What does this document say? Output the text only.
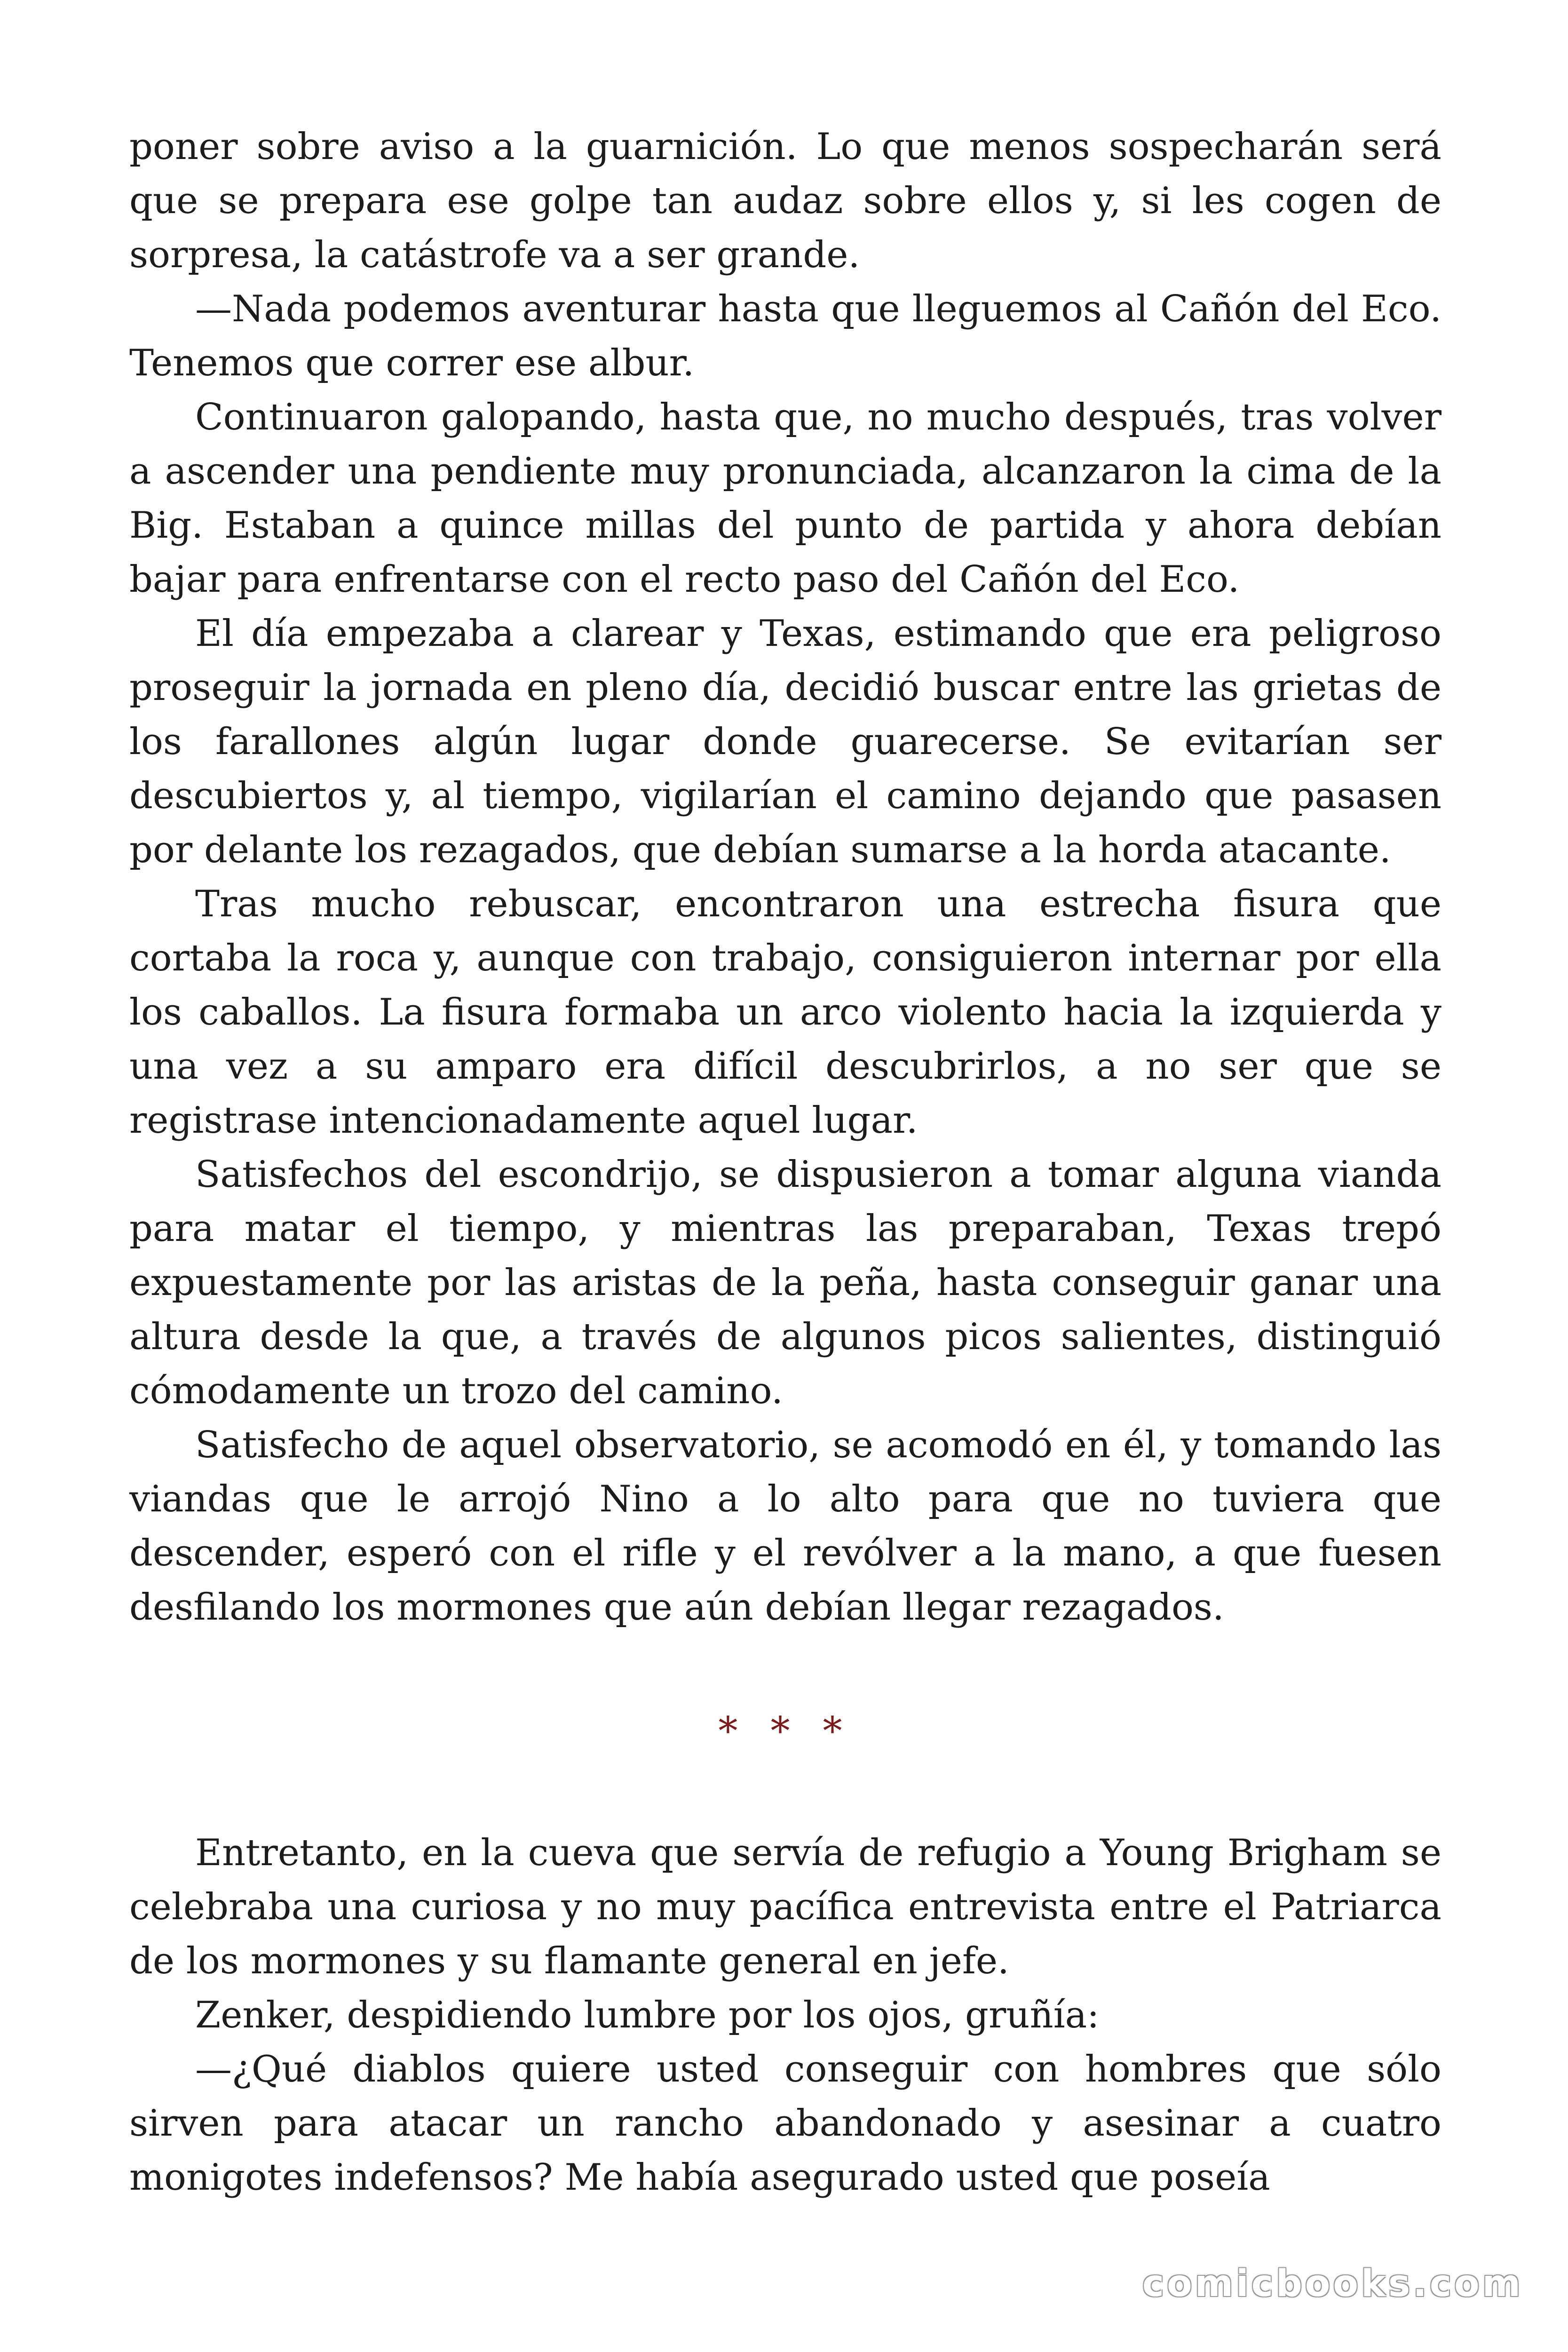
poner sobre aviso a la guarnición. Lo que menos sospecharán será que se prepara ese golpe tan audaz sobre ellos y, si les cogen de sorpresa, la catástrofe va a ser grande.

—Nada podemos aventurar hasta que lleguemos al Cañón del Eco. Tenemos que correr ese albur.

Continuaron galopando, hasta que, no mucho después, tras volver a ascender una pendiente muy pronunciada, alcanzaron la cima de la Big. Estaban a quince millas del punto de partida y ahora debían bajar para enfrentarse con el recto paso del Cañón del Eco.

El día empezaba a clarear y Texas, estimando que era peligroso proseguir la jornada en pleno día, decidió buscar entre las grietas de los farallones algún lugar donde guarecerse. Se evitarían ser descubiertos y, al tiempo, vigilarían el camino dejando que pasasen por delante los rezagados, que debían sumarse a la horda atacante.

Tras mucho rebuscar, encontraron una estrecha fisura que cortaba la roca y, aunque con trabajo, consiguieron internar por ella los caballos. La fisura formaba un arco violento hacia la izquierda y una vez a su amparo era difícil descubrirlos, a no ser que se registrase intencionadamente aquel lugar.

Satisfechos del escondrijo, se dispusieron a tomar alguna vianda para matar el tiempo, y mientras las preparaban, Texas trepó expuestamente por las aristas de la peña, hasta conseguir ganar una altura desde la que, a través de algunos picos salientes, distinguió cómodamente un trozo del camino.

Satisfecho de aquel observatorio, se acomodó en él, y tomando las viandas que le arrojó Nino a lo alto para que no tuviera que descender, esperó con el rifle y el revólver a la mano, a que fuesen desfilando los mormones que aún debían llegar rezagados.

* * *

Entretanto, en la cueva que servía de refugio a Young Brigham se celebraba una curiosa y no muy pacífica entrevista entre el Patriarca de los mormones y su flamante general en jefe.

Zenker, despidiendo lumbre por los ojos, gruñía:

—¿Qué diablos quiere usted conseguir con hombres que sólo sirven para atacar un rancho abandonado y asesinar a cuatro monigotes indefensos? Me había asegurado usted que poseía

comicbooks.com
